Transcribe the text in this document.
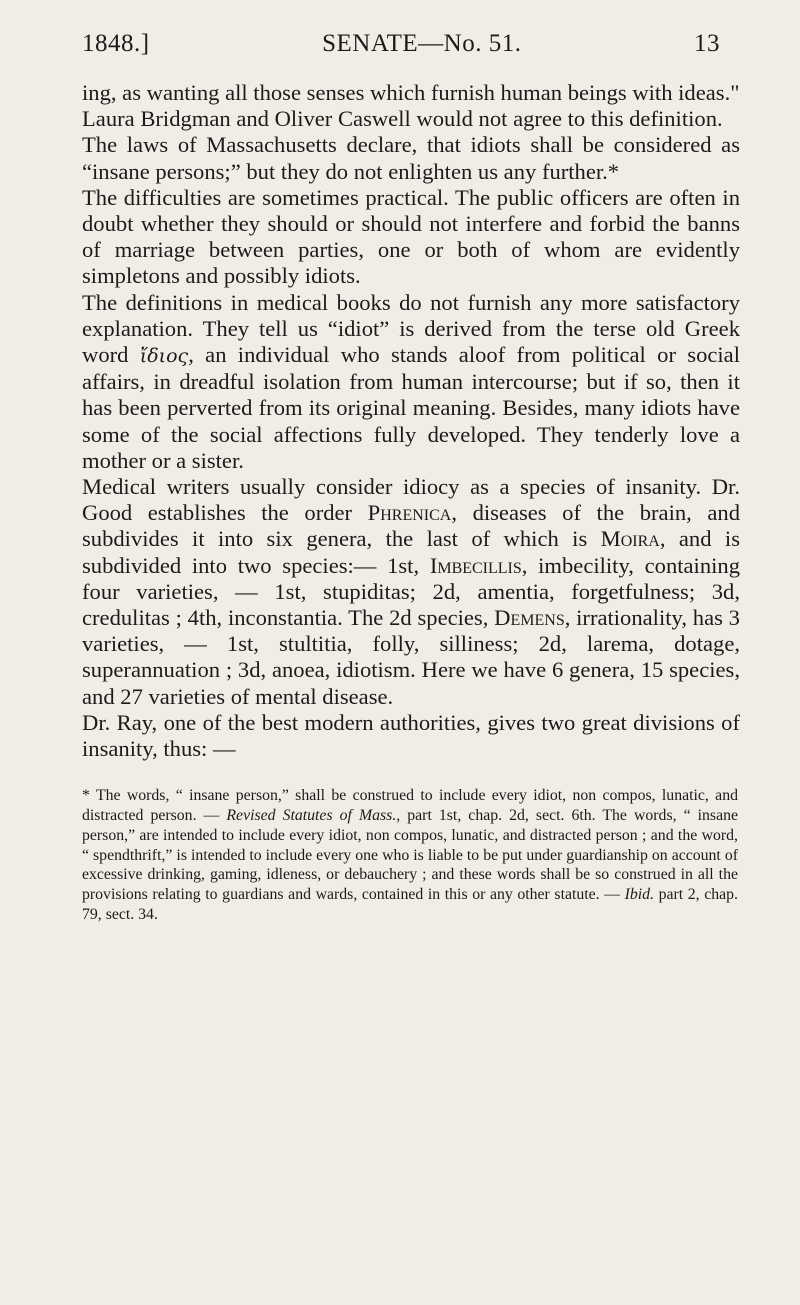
1848.]	SENATE—No. 51.	13

ing, as wanting all those senses which furnish human beings with ideas."

Laura Bridgman and Oliver Caswell would not agree to this definition.

The laws of Massachusetts declare, that idiots shall be considered as “insane persons;” but they do not enlighten us any further.*

The difficulties are sometimes practical. The public officers are often in doubt whether they should or should not interfere and forbid the banns of marriage between parties, one or both of whom are evidently simpletons and possibly idiots.

The definitions in medical books do not furnish any more satisfactory explanation. They tell us “idiot” is derived from the terse old Greek word ἴδιος, an individual who stands aloof from political or social affairs, in dreadful isolation from human intercourse; but if so, then it has been perverted from its original meaning. Besides, many idiots have some of the social affections fully developed. They tenderly love a mother or a sister.

Medical writers usually consider idiocy as a species of insanity. Dr. Good establishes the order Phrenica, diseases of the brain, and subdivides it into six genera, the last of which is Moira, and is subdivided into two species:— 1st, Imbecillis, imbecility, containing four varieties, — 1st, stupiditas; 2d, amentia, forgetfulness; 3d, credulitas ; 4th, inconstantia. The 2d species, Demens, irrationality, has 3 varieties, — 1st, stultitia, folly, silliness; 2d, larema, dotage, superannuation ; 3d, anoea, idiotism. Here we have 6 genera, 15 species, and 27 varieties of mental disease.

Dr. Ray, one of the best modern authorities, gives two great divisions of insanity, thus: —

* The words, “ insane person,” shall be construed to include every idiot, non compos, lunatic, and distracted person. — Revised Statutes of Mass., part 1st, chap. 2d, sect. 6th. The words, “ insane person,” are intended to include every idiot, non compos, lunatic, and distracted person ; and the word, “ spendthrift,” is intended to include every one who is liable to be put under guardianship on account of excessive drinking, gaming, idleness, or debauchery ; and these words shall be so construed in all the provisions relating to guardians and wards, contained in this or any other statute. — Ibid. part 2, chap. 79, sect. 34.
